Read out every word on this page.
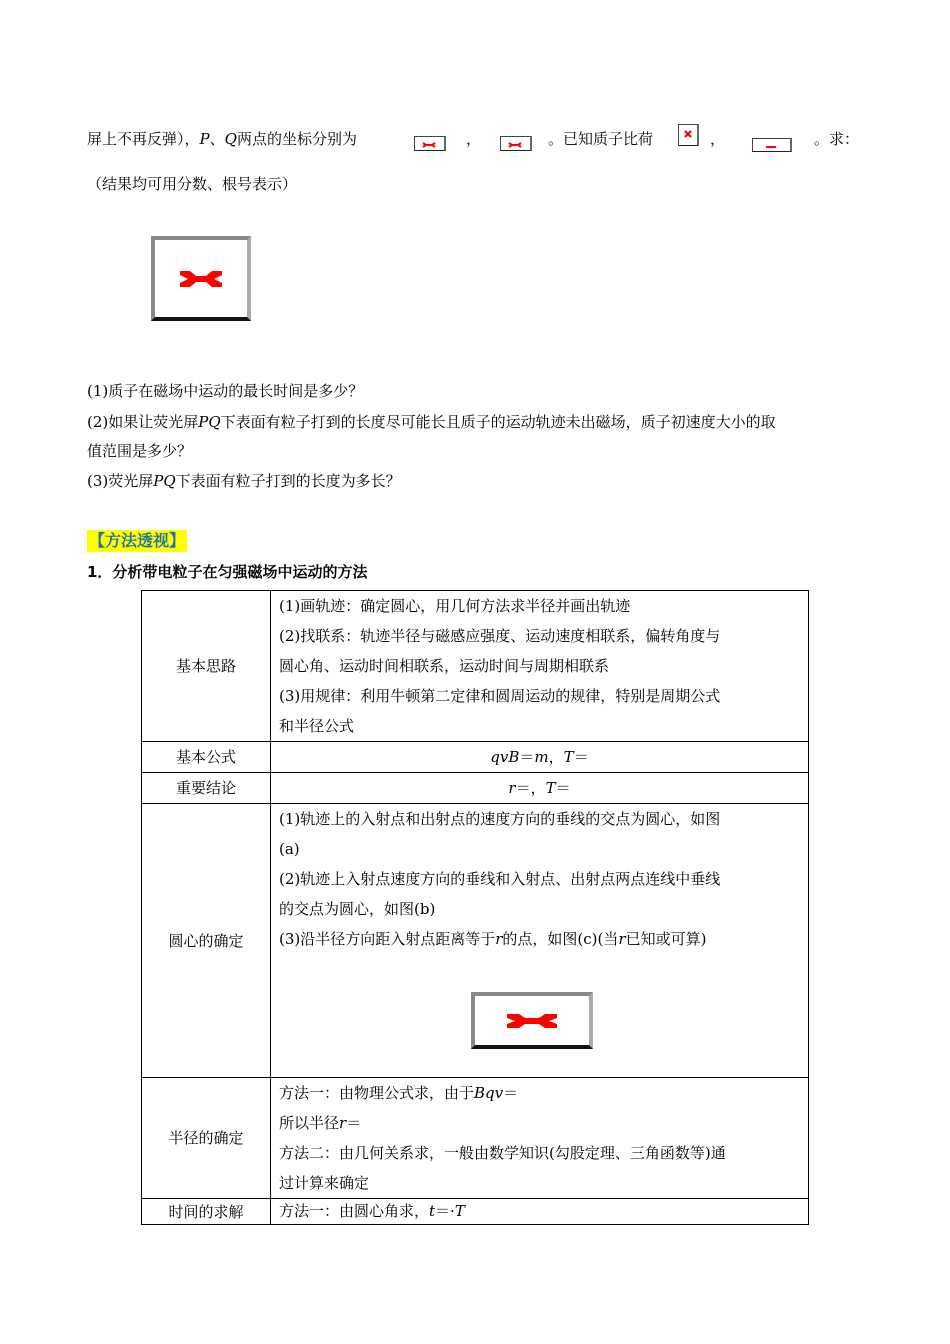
屏上不再反弹），P、Q两点的坐标分别为	，	。已知质子比荷	，	。求：
（结果均可用分数、根号表示）
(1)质子在磁场中运动的最长时间是多少？
(2)如果让荧光屏PQ下表面有粒子打到的长度尽可能长且质子的运动轨迹未出磁场，质子初速度大小的取
值范围是多少？
(3)荧光屏PQ下表面有粒子打到的长度为多长？
【方法透视】
1．分析带电粒子在匀强磁场中运动的方法
基本思路	(1)画轨迹：确定圆心，用几何方法求半径并画出轨迹
(2)找联系：轨迹半径与磁感应强度、运动速度相联系，偏转角度与
圆心角、运动时间相联系，运动时间与周期相联系
(3)用规律：利用牛顿第二定律和圆周运动的规律，特别是周期公式
和半径公式

基本公式	qvB＝m，T＝
重要结论	r＝，T＝
圆心的确定	(1)轨迹上的入射点和出射点的速度方向的垂线的交点为圆心，如图
(a)
(2)轨迹上入射点速度方向的垂线和入射点、出射点两点连线中垂线
的交点为圆心，如图(b)
(3)沿半径方向距入射点距离等于r的点，如图(c)(当r已知或可算)

半径的确定	方法一：由物理公式求，由于Bqv＝
所以半径r＝
方法二：由几何关系求，一般由数学知识(勾股定理、三角函数等)通
过计算来确定

时间的求解	方法一：由圆心角求，t＝·T
